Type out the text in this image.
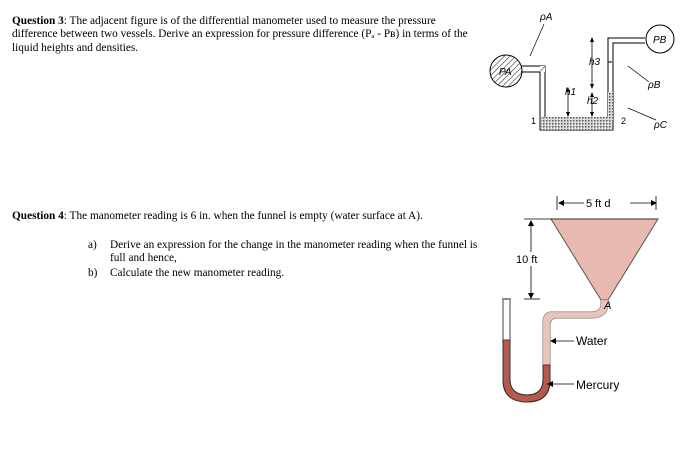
Question 3: The adjacent figure is of the differential manometer used to measure the pressure difference between two vessels. Derive an expression for pressure difference (Pₐ - Pʙ) in terms of the liquid heights and densities.
Question 4: The manometer reading is 6 in. when the funnel is empty (water surface at A).
a) Derive an expression for the change in the manometer reading when the funnel is full and hence,
b) Calculate the new manometer reading.
PA
PB
h1
h2
h3
ρA
ρB
ρC
1	2
5 ft d
10 ft
A
Water
Mercury
